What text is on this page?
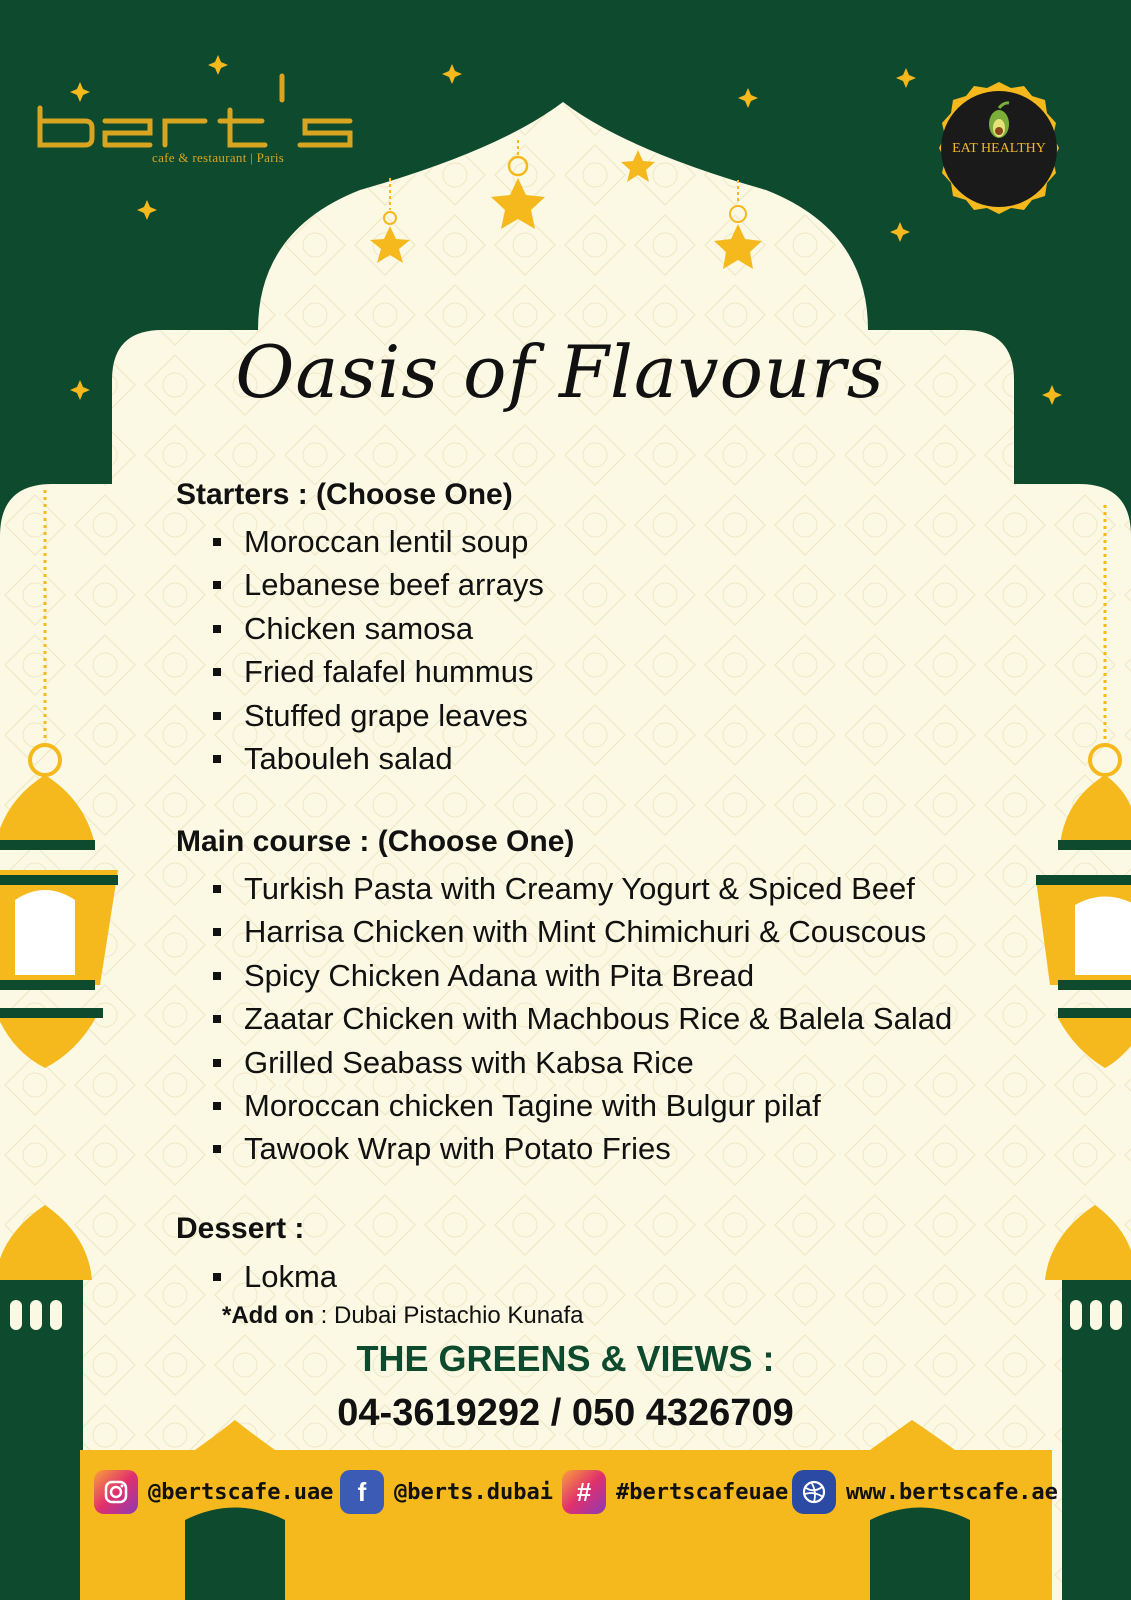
cafe & restaurant | Paris
EAT HEALTHY
Oasis of Flavours
Starters : (Choose One)
Moroccan lentil soup
Lebanese beef arrays
Chicken samosa
Fried falafel hummus
Stuffed grape leaves
Tabouleh salad
Main course : (Choose One)
Turkish Pasta with Creamy Yogurt & Spiced Beef
Harrisa Chicken with Mint Chimichuri & Couscous
Spicy Chicken Adana with Pita Bread
Zaatar Chicken with Machbous Rice & Balela Salad
Grilled Seabass with Kabsa Rice
Moroccan chicken Tagine with Bulgur pilaf
Tawook Wrap with Potato Fries
Dessert :
Lokma
*Add on : Dubai Pistachio Kunafa
THE GREENS & VIEWS :
04-3619292 / 050 4326709
@bertscafe.uae f	@berts.dubai #	#bertscafeuae	www.bertscafe.ae
